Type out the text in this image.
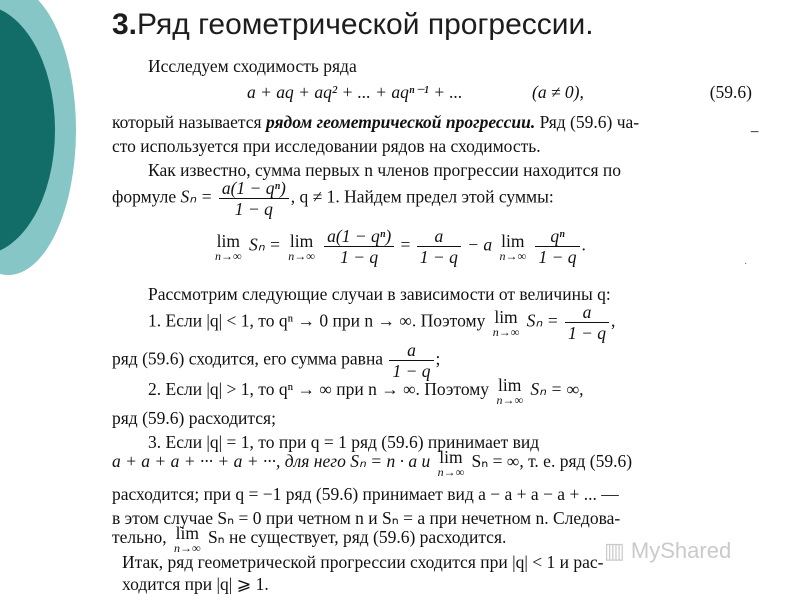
3.Ряд геометрической прогрессии.
Исследуем сходимость ряда
a + aq + aq² + ... + aqⁿ⁻¹ + ...	(a ≠ 0),	(59.6)
который называется рядом геометрической прогрессии. Ряд (59.6) ча-
сто используется при исследовании рядов на сходимость.
Как известно, сумма первых n членов прогрессии находится по
формуле $S_n = \frac{\text{a(1 − qⁿ)}}{1 - q}$ , q ≠ 1. Найдем предел этой суммы:
lim
n→∞
Sₙ = lim
n→∞
$\frac{\text{a(1 − qⁿ)}}{1 - q} = \frac{a}{1 - q} - a$ lim
n→∞
$\frac{\text{qⁿ}}{1 - q}$ .
Рассмотрим следующие случаи в зависимости от величины q:
1. Если |q| < 1, то qⁿ → 0 при n → ∞. Поэтому lim
n→∞
$S_n = \frac{a}{1 - q}$ ,
ряд (59.6) сходится, его сумма равна $\frac{a}{1 - q}$ ;
2. Если |q| > 1, то qⁿ → ∞ при n → ∞. Поэтому lim
n→∞
Sₙ = ∞,
ряд (59.6) расходится;
3. Если |q| = 1, то при q = 1 ряд (59.6) принимает вид
a + a + a + ··· + a + ···, для него Sₙ = n · a и lim
n→∞
Sₙ = ∞, т. е. ряд (59.6)
расходится; при q = −1 ряд (59.6) принимает вид a − a + a − a + ... —
в этом случае Sₙ = 0 при четном n и Sₙ = a при нечетном n. Следова-
тельно, lim
n→∞
Sₙ не существует, ряд (59.6) расходится.
Итак, ряд геометрической прогрессии сходится при |q| < 1 и рас-
ходится при |q| ⩾ 1.
−
·
▥ MyShared
